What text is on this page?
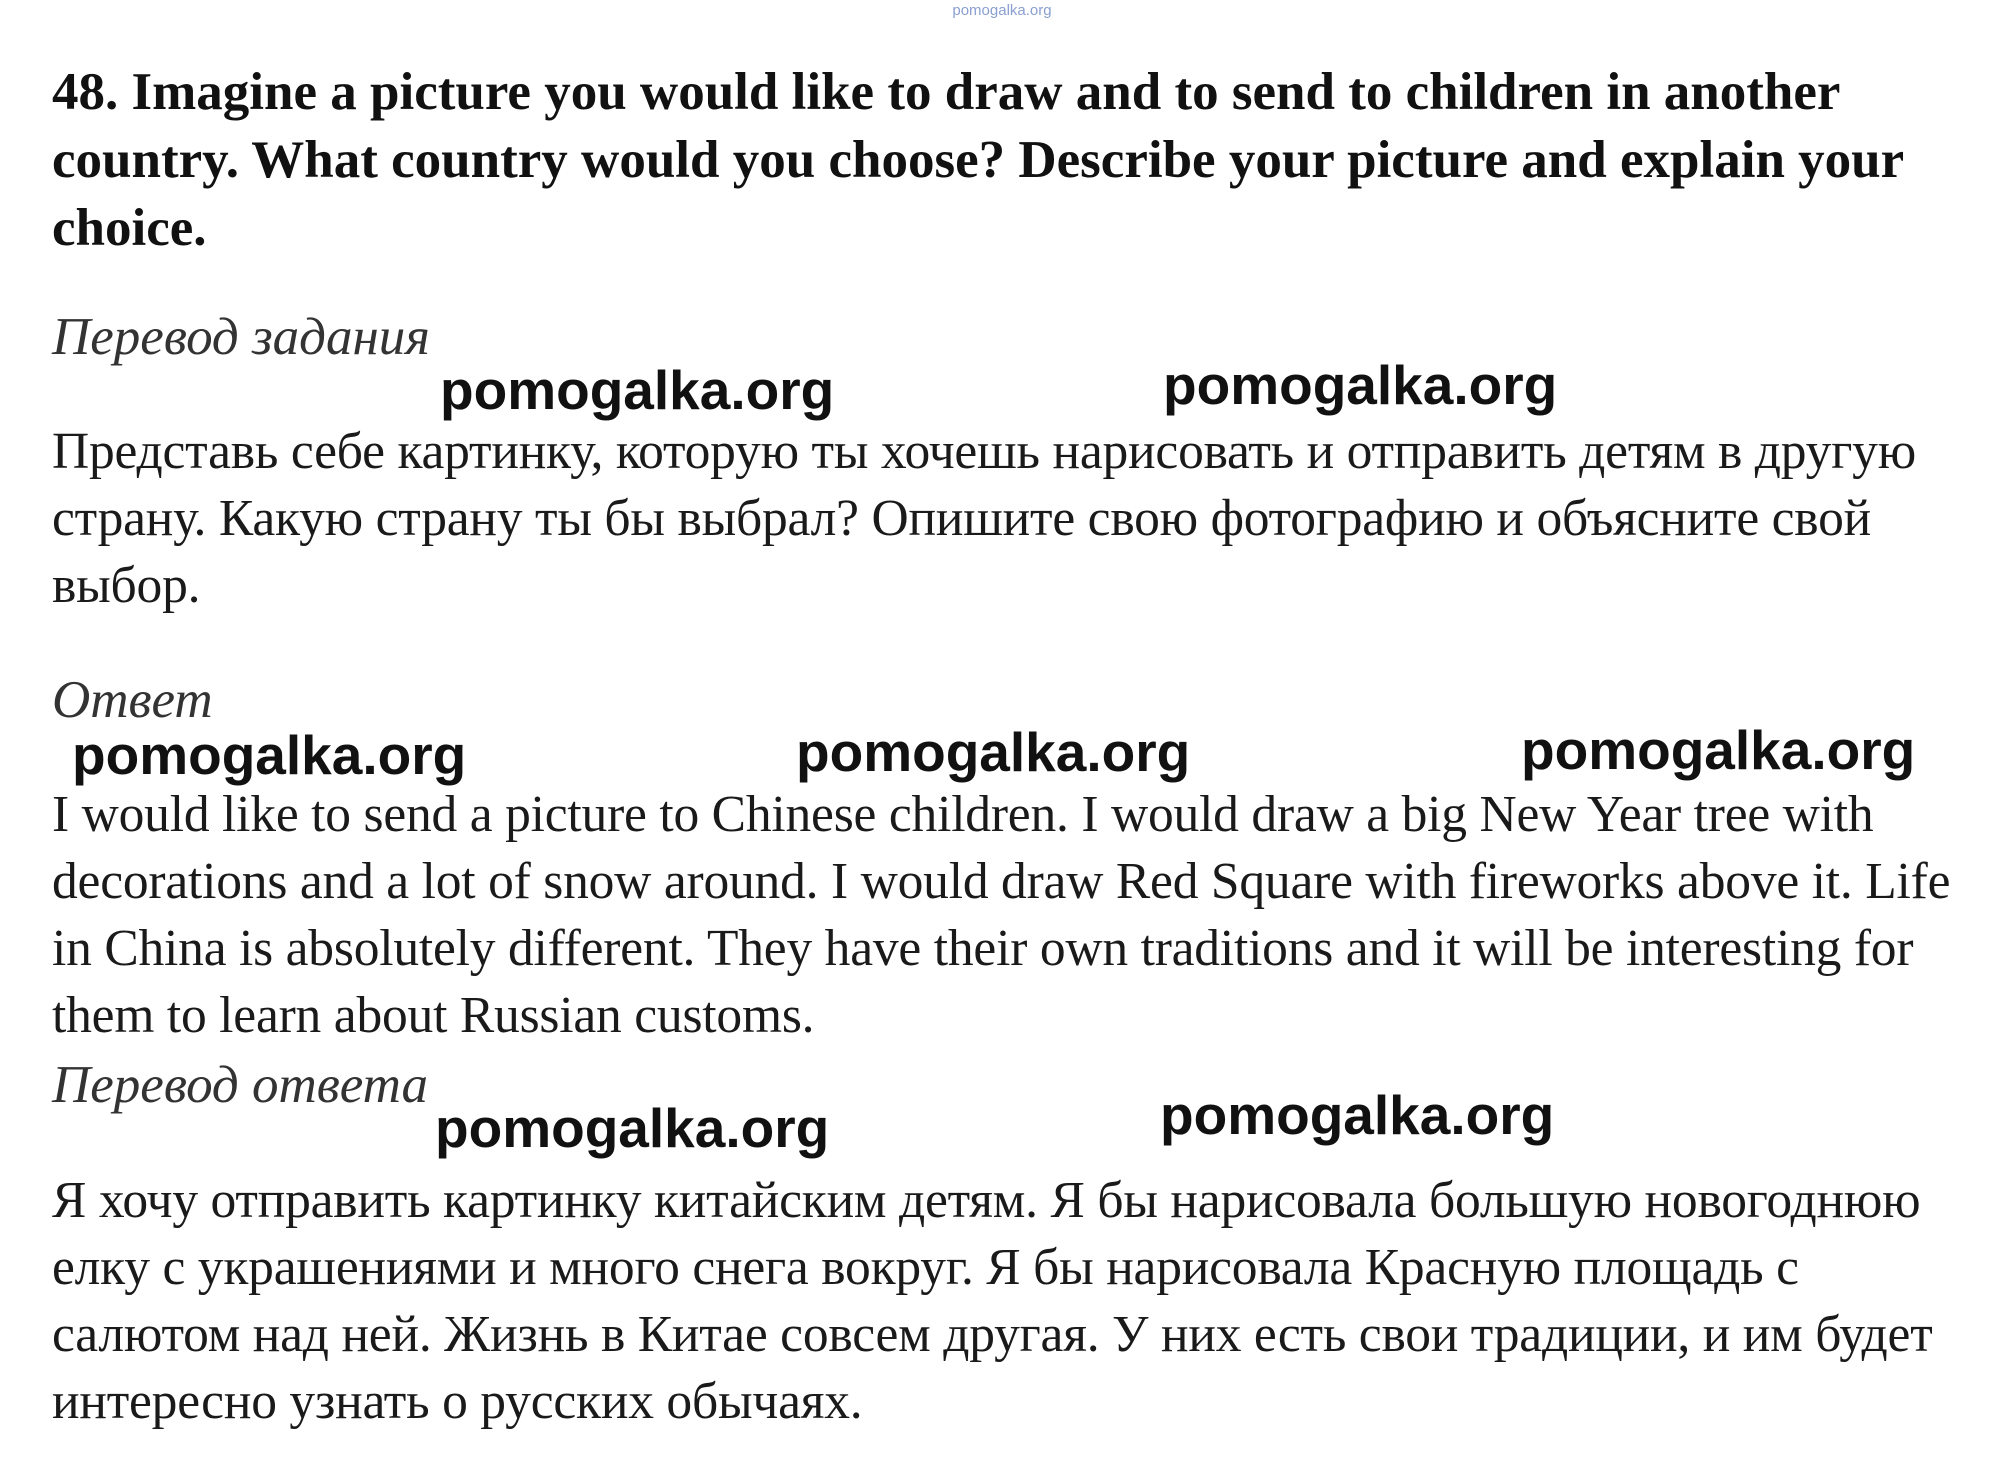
pomogalka.org
48. Imagine a picture you would like to draw and to send to children in another country. What country would you choose? Describe your picture and explain your choice.
Перевод задания
pomogalka.org	pomogalka.org
Представь себе картинку, которую ты хочешь нарисовать и отправить детям в другую страну. Какую страну ты бы выбрал? Опишите свою фотографию и объясните свой выбор.
Ответ
pomogalka.org	pomogalka.org	pomogalka.org
I would like to send a picture to Chinese children. I would draw a big New Year tree with decorations and a lot of snow around. I would draw Red Square with fireworks above it. Life in China is absolutely different. They have their own traditions and it will be interesting for them to learn about Russian customs.
Перевод ответа
pomogalka.org	pomogalka.org
Я хочу отправить картинку китайским детям. Я бы нарисовала большую новогоднюю елку с украшениями и много снега вокруг. Я бы нарисовала Красную площадь с салютом над ней. Жизнь в Китае совсем другая. У них есть свои традиции, и им будет интересно узнать о русских обычаях.
